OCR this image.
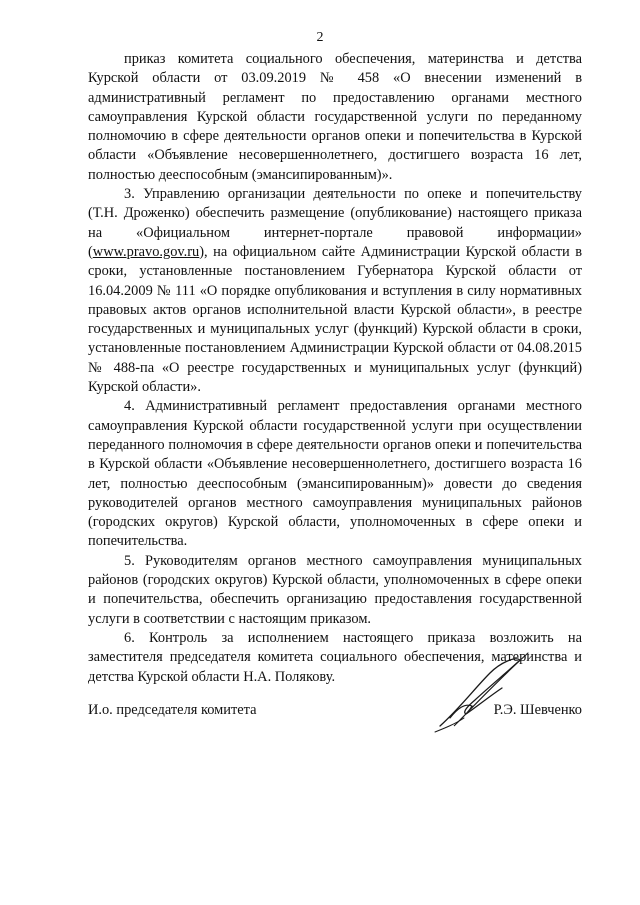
2

приказ комитета социального обеспечения, материнства и детства Курской области от 03.09.2019 № 458 «О внесении изменений в административный регламент по предоставлению органами местного самоуправления Курской области государственной услуги по переданному полномочию в сфере деятельности органов опеки и попечительства в Курской области «Объявление несовершеннолетнего, достигшего возраста 16 лет, полностью дееспособным (эмансипированным)».

3. Управлению организации деятельности по опеке и попечительству (Т.Н. Дроженко) обеспечить размещение (опубликование) настоящего приказа на «Официальном интернет-портале правовой информации» (www.pravo.gov.ru), на официальном сайте Администрации Курской области в сроки, установленные постановлением Губернатора Курской области от 16.04.2009 № 111 «О порядке опубликования и вступления в силу нормативных правовых актов органов исполнительной власти Курской области», в реестре государственных и муниципальных услуг (функций) Курской области в сроки, установленные постановлением Администрации Курской области от 04.08.2015 № 488-па «О реестре государственных и муниципальных услуг (функций) Курской области».

4. Административный регламент предоставления органами местного самоуправления Курской области государственной услуги при осуществлении переданного полномочия в сфере деятельности органов опеки и попечительства в Курской области «Объявление несовершеннолетнего, достигшего возраста 16 лет, полностью дееспособным (эмансипированным)» довести до сведения руководителей органов местного самоуправления муниципальных районов (городских округов) Курской области, уполномоченных в сфере опеки и попечительства.

5. Руководителям органов местного самоуправления муниципальных районов (городских округов) Курской области, уполномоченных в сфере опеки и попечительства, обеспечить организацию предоставления государственной услуги в соответствии с настоящим приказом.

6. Контроль за исполнением настоящего приказа возложить на заместителя председателя комитета социального обеспечения, материнства и детства Курской области Н.А. Полякову.

И.о. председателя комитета	Р.Э. Шевченко
